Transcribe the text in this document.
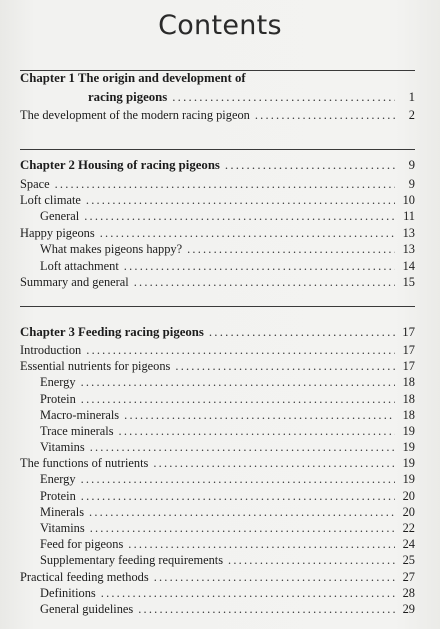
Contents
Chapter 1 The origin and development of
racing pigeons .....	1
The development of the modern racing pigeon .....	2
Chapter 2 Housing of racing pigeons .....	9
Space .....	9
Loft climate .....	10
General .....	11
Happy pigeons .....	13
What makes pigeons happy? .....	13
Loft attachment .....	14
Summary and general .....	15
Chapter 3 Feeding racing pigeons .....	17
Introduction .....	17
Essential nutrients for pigeons .....	17
Energy .....	18
Protein .....	18
Macro-minerals .....	18
Trace minerals .....	19
Vitamins .....	19
The functions of nutrients .....	19
Energy .....	19
Protein .....	20
Minerals .....	20
Vitamins .....	22
Feed for pigeons .....	24
Supplementary feeding requirements .....	25
Practical feeding methods .....	27
Definitions .....	28
General guidelines .....	29
